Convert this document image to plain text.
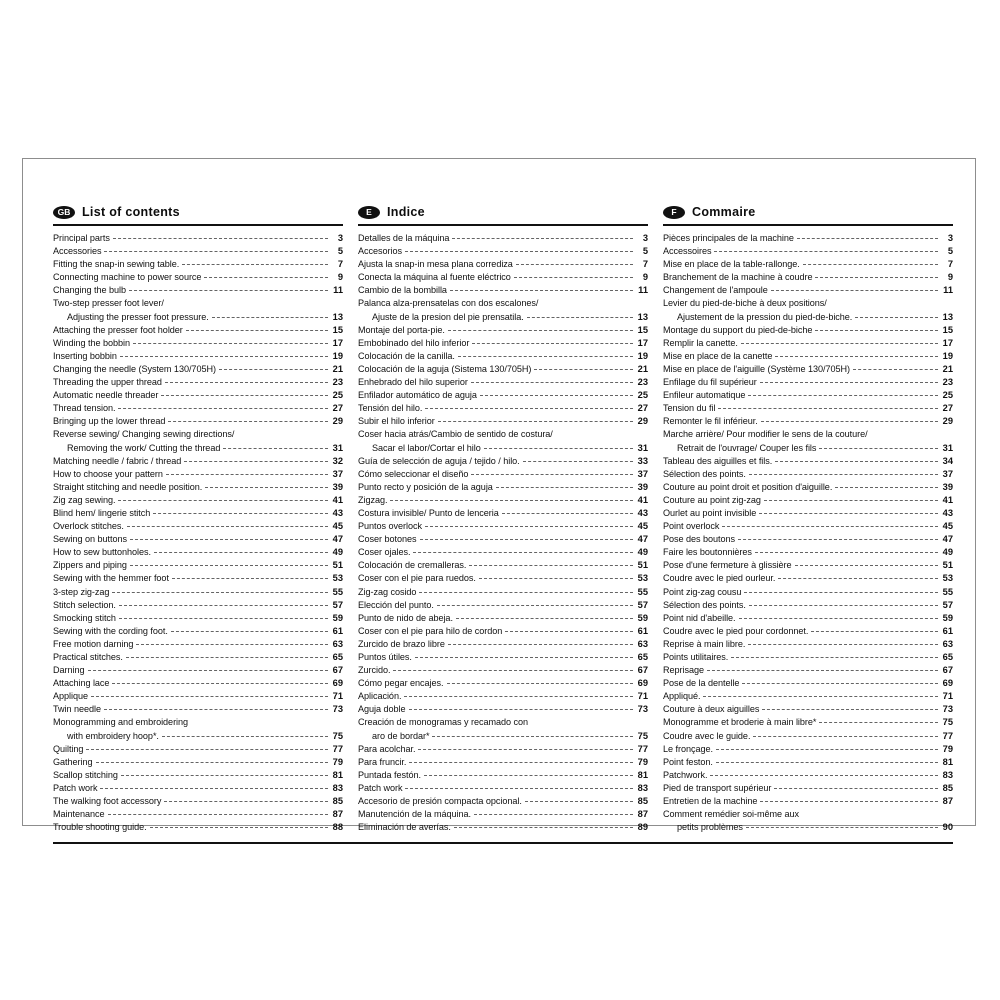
GB List of contents
Principal parts	3
Accessories	5
Fitting the snap-in sewing table.	7
Connecting machine to power source	9
Changing the bulb	11
Two-step presser foot lever/
Adjusting the presser foot pressure.	13
Attaching the presser foot holder	15
Winding the bobbin	17
Inserting bobbin	19
Changing the needle (System 130/705H)	21
Threading the upper thread	23
Automatic needle threader	25
Thread tension.	27
Bringing up the lower thread	29
Reverse sewing/ Changing sewing directions/
Removing the work/ Cutting the thread	31
Matching needle / fabric / thread	32
How to choose your pattern	37
Straight stitching and needle position.	39
Zig zag sewing.	41
Blind hem/ lingerie stitch	43
Overlock stitches.	45
Sewing on buttons	47
How to sew buttonholes.	49
Zippers and piping	51
Sewing with the hemmer foot	53
3-step zig-zag	55
Stitch selection.	57
Smocking stitch	59
Sewing with the cording foot.	61
Free motion darning	63
Practical stitches.	65
Darning	67
Attaching lace	69
Applique	71
Twin needle	73
Monogramming and embroidering
with embroidery hoop*.	75
Quilting	77
Gathering	79
Scallop stitching	81
Patch work	83
The walking foot accessory	85
Maintenance	87
Trouble shooting guide.	88
E	Indice
Detalles de la máquina	3
Accesorios	5
Ajusta la snap-in mesa plana corrediza	7
Conecta la máquina al fuente eléctrico	9
Cambio de la bombilla	11
Palanca alza-prensatelas con dos escalones/
Ajuste de la presion del pie prensatila.	13
Montaje del porta-pie.	15
Embobinado del hilo inferior	17
Colocación de la canilla.	19
Colocación de la aguja (Sistema 130/705H)	21
Enhebrado del hilo superior	23
Enfilador automático de aguja	25
Tensión del hilo.	27
Subir el hilo inferior	29
Coser hacia atrás/Cambio de sentido de costura/
Sacar el labor/Cortar el hilo	31
Guía de selección de aguja / tejido / hilo.	33
Cómo seleccionar el diseño	37
Punto recto y posición de la aguja	39
Zigzag.	41
Costura invisible/ Punto de lenceria	43
Puntos overlock	45
Coser botones	47
Coser ojales.	49
Colocación de cremalleras.	51
Coser con el pie para ruedos.	53
Zig-zag cosido	55
Elección del punto.	57
Punto de nido de abeja.	59
Coser con el pie para hilo de cordon	61
Zurcido de brazo libre	63
Puntos útiles.	65
Zurcido.	67
Cómo pegar encajes.	69
Aplicación.	71
Aguja doble	73
Creación de monogramas y recamado con
aro de bordar*	75
Para acolchar.	77
Para fruncir.	79
Puntada festón.	81
Patch work	83
Accesorio de presión compacta opcional.	85
Manutención de la máquina.	87
Eliminación de averías.	89
F	Commaire
Pièces principales de la machine	3
Accessoires	5
Mise en place de la table-rallonge.	7
Branchement de la machine à coudre	9
Changement de l'ampoule	11
Levier du pied-de-biche à deux positions/
Ajustement de la pression du pied-de-biche.	13
Montage du support du pied-de-biche	15
Remplir la canette.	17
Mise en place de la canette	19
Mise en place de l'aiguille (Système 130/705H)	21
Enfilage du fil supérieur	23
Enfileur automatique	25
Tension du fil	27
Remonter le fil inférieur.	29
Marche arrière/ Pour modifier le sens de la couture/
Retrait de l'ouvrage/ Couper les fils	31
Tableau des aiguilles et fils.	34
Sélection des points.	37
Couture au point droit et position d'aiguille.	39
Couture au point zig-zag	41
Ourlet au point invisible	43
Point overlock	45
Pose des boutons	47
Faire les boutonnières	49
Pose d'une fermeture à glissière	51
Coudre avec le pied ourleur.	53
Point zig-zag cousu	55
Sélection des points.	57
Point nid d'abeille.	59
Coudre avec le pied pour cordonnet.	61
Reprise à main libre.	63
Points utilitaires.	65
Reprisage	67
Pose de la dentelle	69
Appliqué.	71
Couture à deux aiguilles	73
Monogramme et broderie à main libre*	75
Coudre avec le guide.	77
Le fronçage.	79
Point feston.	81
Patchwork.	83
Pied de transport supérieur	85
Entretien de la machine	87
Comment remédier soi-même aux
petits problèmes	90
